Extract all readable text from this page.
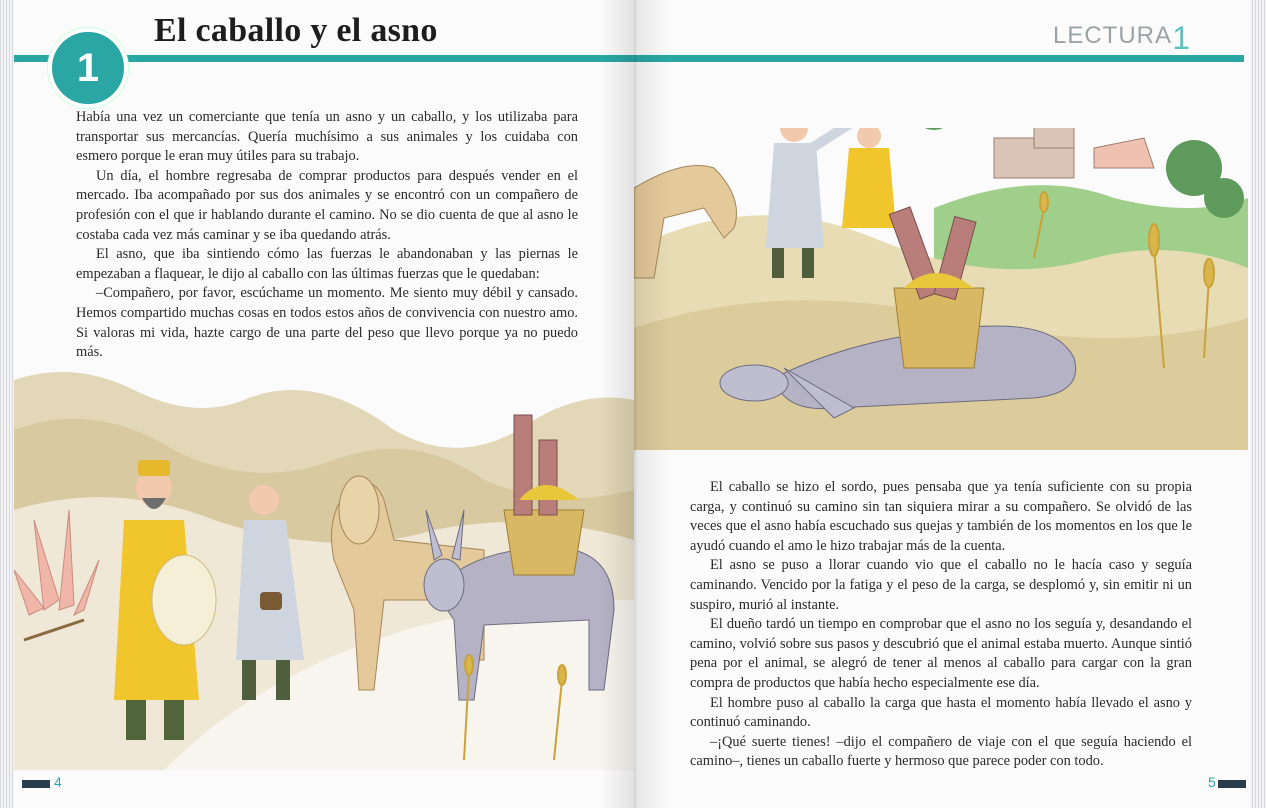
El caballo y el asno

Había una vez un comerciante que tenía un asno y un caballo, y los utilizaba para transportar sus mercancías. Quería muchísimo a sus animales y los cuidaba con esmero porque le eran muy útiles para su trabajo.

Un día, el hombre regresaba de comprar productos para después vender en el mercado. Iba acompañado por sus dos animales y se encontró con un compañero de profesión con el que ir hablando durante el camino. No se dio cuenta de que al asno le costaba cada vez más caminar y se iba quedando atrás.

El asno, que iba sintiendo cómo las fuerzas le abandonaban y las piernas le empezaban a flaquear, le dijo al caballo con las últimas fuerzas que le quedaban:

–Compañero, por favor, escúchame un momento. Me siento muy débil y cansado. Hemos compartido muchas cosas en todos estos años de convivencia con nuestro amo. Si valoras mi vida, hazte cargo de una parte del peso que llevo porque ya no puedo más.

4
LECTURA 1

El caballo se hizo el sordo, pues pensaba que ya tenía suficiente con su propia carga, y continuó su camino sin tan siquiera mirar a su compañero. Se olvidó de las veces que el asno había escuchado sus quejas y también de los momentos en los que le ayudó cuando el amo le hizo trabajar más de la cuenta.

El asno se puso a llorar cuando vio que el caballo no le hacía caso y seguía caminando. Vencido por la fatiga y el peso de la carga, se desplomó y, sin emitir ni un suspiro, murió al instante.

El dueño tardó un tiempo en comprobar que el asno no los seguía y, desandando el camino, volvió sobre sus pasos y descubrió que el animal estaba muerto. Aunque sintió pena por el animal, se alegró de tener al menos al caballo para cargar con la gran compra de productos que había hecho especialmente ese día.

El hombre puso al caballo la carga que hasta el momento había llevado el asno y continuó caminando.

–¡Qué suerte tienes! –dijo el compañero de viaje con el que seguía haciendo el camino–, tienes un caballo fuerte y hermoso que parece poder con todo.

5
1
